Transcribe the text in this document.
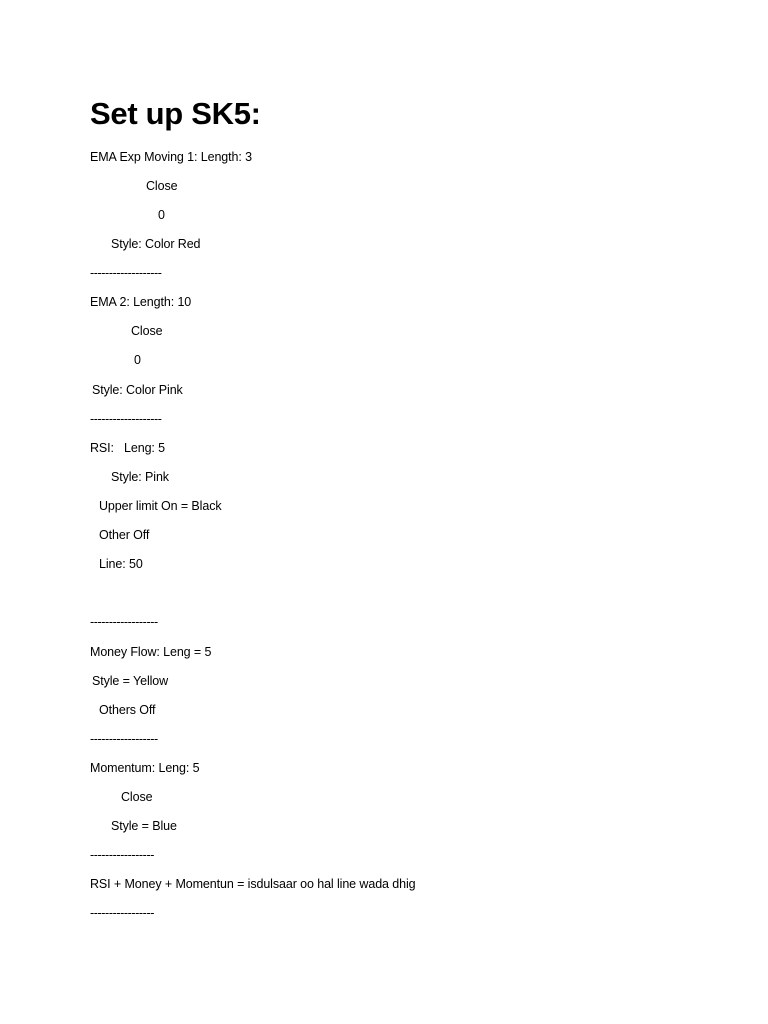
Set up SK5:
EMA Exp Moving 1: Length: 3
Close
0
Style: Color Red
-------------------
EMA 2: Length: 10
Close
0
Style: Color Pink
-------------------
RSI:   Leng: 5
Style: Pink
Upper limit On = Black
Other Off
Line: 50
------------------
Money Flow: Leng = 5
Style = Yellow
Others Off
------------------
Momentum: Leng: 5
Close
Style = Blue
-----------------
RSI + Money + Momentun = isdulsaar oo hal line wada dhig
-----------------
